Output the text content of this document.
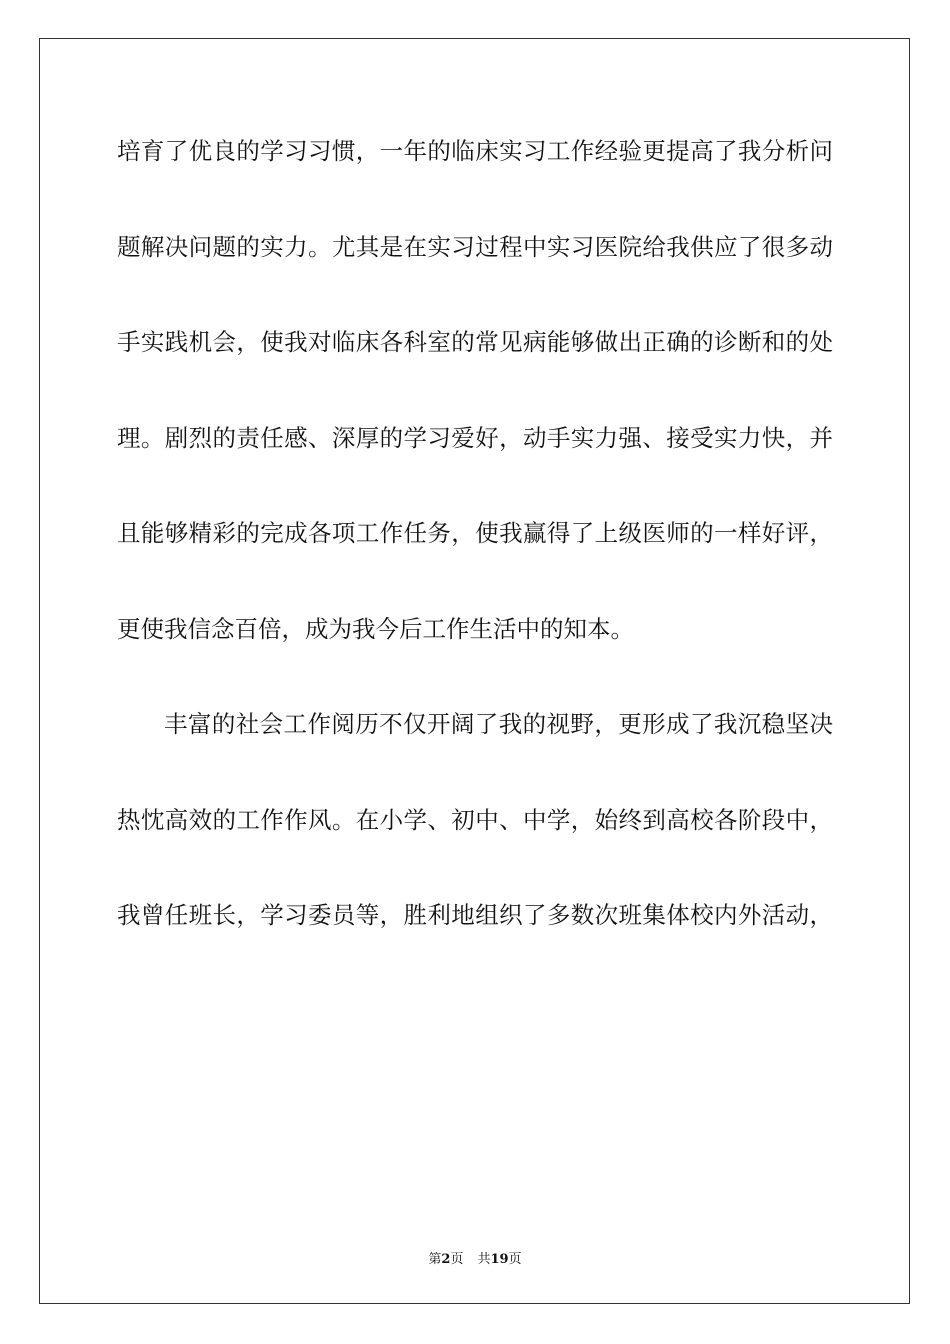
培育了优良的学习习惯，一年的临床实习工作经验更提高了我分析问
题解决问题的实力。尤其是在实习过程中实习医院给我供应了很多动
手实践机会，使我对临床各科室的常见病能够做出正确的诊断和的处
理。剧烈的责任感、深厚的学习爱好，动手实力强、接受实力快，并
且能够精彩的完成各项工作任务，使我赢得了上级医师的一样好评，
更使我信念百倍，成为我今后工作生活中的知本。
丰富的社会工作阅历不仅开阔了我的视野，更形成了我沉稳坚决
热忱高效的工作作风。在小学、初中、中学，始终到高校各阶段中，
我曾任班长，学习委员等，胜利地组织了多数次班集体校内外活动，
第2页 共19页
